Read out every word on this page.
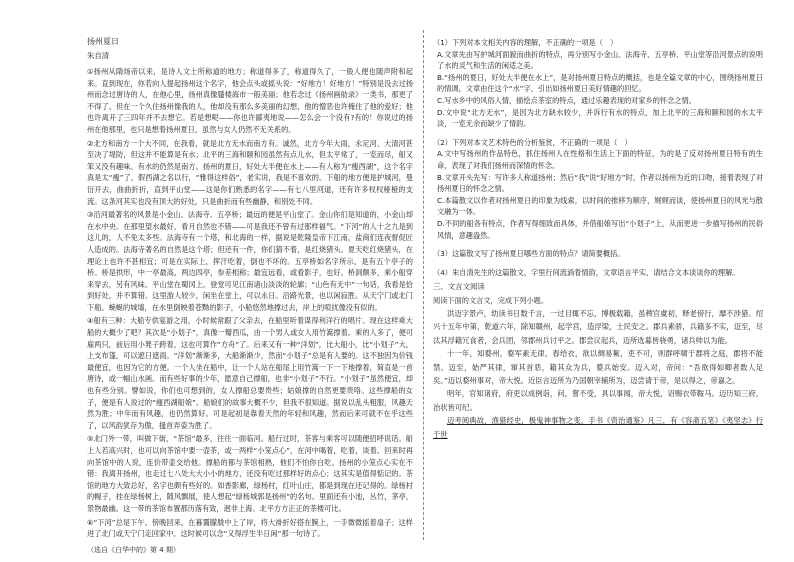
扬州夏日

朱自清

①扬州从隋炀帝以来，是诗人文士所称道的地方；称道得多了，称道得久了，一般人便也随声附和起来。直到现在，你若向人提起扬州这个名字，他会点头或摇头说：“好地方！好地方！”特别是没去过扬州而念过唐诗的人，在他心里，扬州真像蜃楼海市一般美丽；他若念过《扬州画舫录》一类书，那更了不得了。但在一个久住扬州像我的人，他却没有那么多美丽的幻想，他的憎恶也许掩住了他的爱好；他也许离开了三四年并不去想它。若是想呢——你也许鄙夷地说——怎么会一个没有?有的！你说过的扬州在他那里，也只是想着扬州夏日，虽然与女人仍然不无关系的。

②北方和南方一个大不同，在我看，就是北方无水而南方有。诚然，北方今年大雨，永定河、大清河甚至决了堤防，但这并不能算是有水；北平的三海和颐和园虽然有点儿水，但太平常了，一览而尽，船又笨又没有趣味。有水的仍然是南方。扬州的夏日，好处大半便在水上——有人称为“瘦西湖”，这个名字真是太“瘦”了，假西湖之名以行，“雅得这样俗”，老实说，我是不喜欢的。下船的地方便是护城河，曼衍开去，曲曲折折，直到平山堂——这是你们熟悉的名字——有七八里河道，还有许多杈杈桠桠的支流。这条河其实也没有顶大的好处，只是曲折而有些幽静，和别处不同。

③沿河最著名的风景是小金山、法海寺、五亭桥；最远的便是平山堂了。金山你们是知道的，小金山却在水中央。在那里望水最好，看月自然也不错——可是我还不曾有过那样福气。“下河”的人十之九是到这儿的，人不免太多些。法海寺有一个塔，和北海的一样，据说是乾隆皇帝下江南，盐商们连夜督促匠人造成的。法海寺著名的自然是这个塔；但还有一件，你们猜不着，是红烧猪头。夏天吃红烧猪头，在理论上也许不甚相宜；可是在实际上，挥汗吃着，倒也不坏的。五亭桥如名字所示，是有五个亭子的桥。桥是拱形，中一亭最高，两边四亭，参差相称；最宜远看，或看影子，也好。桥洞颇多，乘小船穿来穿去，另有风味。平山堂在蜀冈上。登堂可见江南诸山淡淡的轮廓；“山色有无中”一句话，我看是恰到好处，并不算错。这里游人较少，闲坐在堂上，可以永日。沿路光景，也以闲寂胜。从天宁门或北门下船。蜿蜒的城墙，在水里倒映着苍黝的影子，小船悠然地撑过去，岸上的喧扰像没有似的。

④船有三种：大船专供宴游之用，小时候常跟了父亲去，在船里听着谋得利洋行的唱片。现在这样乘大船的大概少了吧？其次是“小划子”，真像一瓣西瓜，由一个男人或女人用竹篙撑着。乘的人多了，便可雇两只，前后用小凳子跨着，这也可算作“方舟”了。后来又有一种“洋划”，比大船小，比“小划子”大，上支布篷，可以遮日遮雨。“洋划”渐渐多，大船渐渐少，然而“小划子”总是有人要的。这不独因为价钱最便宜，也因为它的方便。一个人坐在船中，让一个人站在船尾上用竹篙一下一下地撑着，简直是一首唐诗，或一幅山水画。而有些好事的少年，愿意自己撑船，也非“小划子”不行。“小划子”虽然便宜，却也有些分别。譬如说，你们也可想到的，女人撑船总要贵些；姑娘撑的自然更要贵咯。这些撑船的女子，便是有人说过的“瘦西湖船娘”。船娘们的故事大概不少，但我不很知道。据说以乱头粗服，风趣天然为胜；中年而有风趣，也仍然算好。可是起初是靠着天然的年轻和风趣，然而后来可就不在乎这些了，以风韵犹存为傲，搔首弄姿为胜了。

⑤北门外一带，叫做下街，“茶馆”最多，往往一面临河。船行过时，茶客与乘客可以随便招呼说话。船上人若高兴时，也可以向茶馆中要一壶茶，或一两样“小笼点心”，在河中喝着，吃着，谈着。回来时再向茶馆中的人说，连价带壶交给他。撑船的都与茶馆相熟，他们不怕你白吃。扬州的小笼点心实在不错：我离开扬州，也走过七八处大大小小的地方，还没有吃过那样好的点心；这其实是值得惦记的。茶馆的地方大致总好，名字也颇有些好的。如香影廊，绿杨村，红叶山庄，都是到现在还记得的。绿杨村的幌子，挂在绿杨树上，随风飘展，使人想起“绿杨城郭是扬州”的名句。里面还有小池，丛竹，茅亭，景物最幽。这一带的茶馆布置都历落有致，迥非上海、北平方方正正的茶楼可比。

⑥“下河”总是下午。傍晚回来，在暮霭朦胧中上了岸，将大褂折好搭在腕上，一手微微摇着扇子；这样进了北门或天宁门走回家中。这时候可以念“又得浮生半日闲”那一句诗了。

（选自《白华中的》第 4 期）

（1）下列对本文相关内容的理解，不正确的一项是（　）

A.文章先由写护城河面貌而曲折的特点，再分别写小金山、法海寺、五亭桥、平山堂等沿河景点的说明了水的灵气和生活的闲适之美。

B.“扬州的夏日，好处大半便在水上”，是对扬州夏日特点的概括，也是全篇文章的中心，围绕扬州夏日的情调，文章由住这个“水”字，引出如扬州夏日美好情趣的回忆。

C.写水乡中的风俗人情，描绘点茶室的特点，通过乐趣表现的对家乡的怀念之情。

D.文中说“北方无水”，是因为北方缺水较少，并诉行有水的特点，加上北平的三海和颐和园的水太平淡，一览无余而缺少了情韵。

（2）下列对本文艺术特色的分析鉴赏，不正确的一项是（　）

A.文中写扬州的作品特色，抓住扬州人在性格和生活上下面的特征，为的是了反对扬州夏日特有的生命，表现了对我们扬州而深情的怀念。

B.文章开头先写：写许多人称道扬州；然后“我”说“好地方”时，作者以扬州为近的口吻，接着表现了对扬州夏日的怀念之情。

C.本篇散文以作者对扬州夏日的印象为线索，以时间的推移为顺序，娓娓而谈，使扬州夏日的风光与散文融为一体。

D.不同的船各有特点，作者写得细致而具体，并借船娘写出“小划子”上，从而更进一步描写扬州的民俗风情，意趣盎然。

（3）这篇散文写了扬州夏日哪些方面的特点？请简要概括。

（4）朱自清先生的这篇散文，字里行间流淌着情韵，文章语言平实，请结合文本谈谈你的理解。

三、文言文阅读

阅读下面的文言文，完成下列小题。

洪迈字景卢，幼读书日数千言，一过目辄不忘，博极载籍，虽稗官虞初，释老傍行，靡不涉猎。绍兴十五年中第，乾道六年，除知赣州，起学宫，造浮梁，士民安之。郡兵素骄，兵籍多不实，迈至，尽汰其浮籍冗食者，会兵团，邻郡州兵讨平之。郡尝议起兵，迈所选募皆骁勇，诸兵帅以为能。

十一年，知婺州，婺军素无律，春给衣，欲以绸易絮，吏不可，则群呼啸于郡将之庭，郡将不能禁。迈至，始严其律，窜其首恶，籍其众为兵，婺兵始安。迈入对，帝问：“吾欲得如卿者数人足矣。”迈以婺州事对，帝大悦。近臣言迈所为乃国朝宰辅所为，迈尝请于帝，是以得之，帝嘉之。

明年，官知诸府，府吏以成例诣，问，嘗不受，具以事闻，帝大悦，诏赐衣带鞍马。迈历知三府，治状皆可纪。

迈考阅典故，渔猎经史，极鬼神事物之变，手书《资治通鉴》凡三，有《容斋五笔》《夷坚志》行于世
